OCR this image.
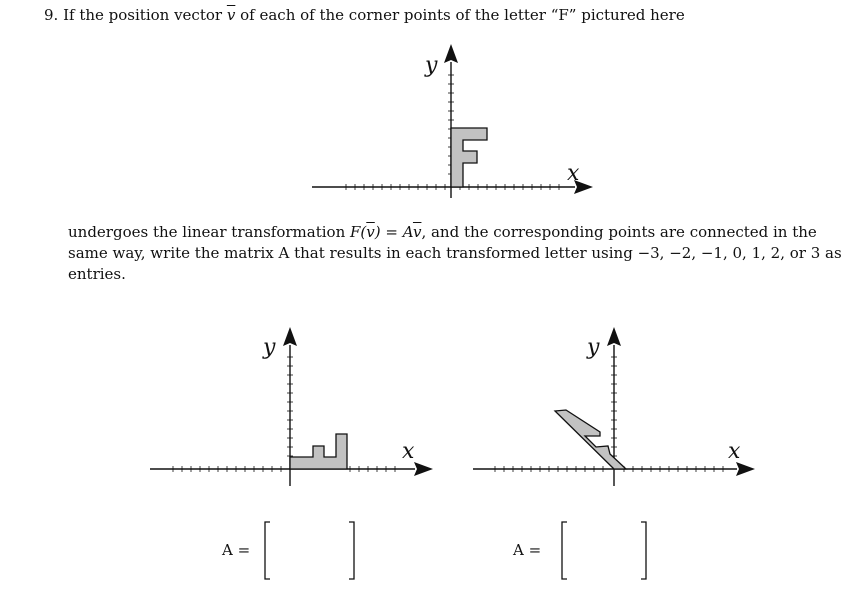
9. If the position vector $\overline{v}$ of each of the corner points of the letter “F” pictured here
undergoes the linear transformation $F(\overline{v}) = A\overline{v}$, and the corresponding points are connected in the
same way, write the matrix A that results in each transformed letter using −3, −2, −1, 0, 1, 2, or 3 as
entries.
y
x
y
x
A =
y
x
A =
